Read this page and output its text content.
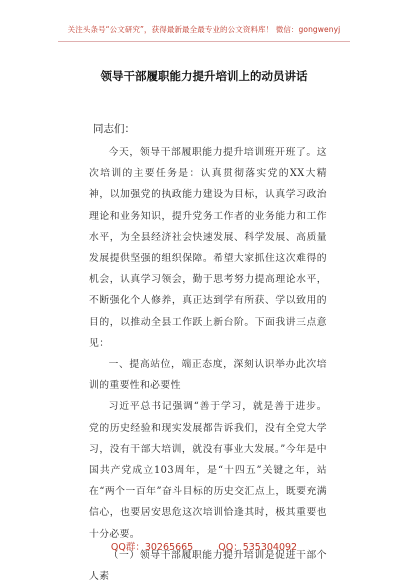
关注头条号“公文研究”，获得最新最全最专业的公文资料库！ 微信：gongwenyj
领导干部履职能力提升培训上的动员讲话
同志们：

今天，领导干部履职能力提升培训班开班了。这次培训的主要任务是：认真贯彻落实党的XX大精神，以加强党的执政能力建设为目标，认真学习政治理论和业务知识，提升党务工作者的业务能力和工作水平，为全县经济社会快速发展、科学发展、高质量发展提供坚强的组织保障。希望大家抓住这次难得的机会，认真学习领会，勤于思考努力提高理论水平，不断强化个人修养，真正达到学有所获、学以致用的目的，以推动全县工作跃上新台阶。下面我讲三点意见：

一、提高站位，端正态度，深刻认识举办此次培训的重要性和必要性

习近平总书记强调“善于学习，就是善于进步。党的历史经验和现实发展都告诉我们，没有全党大学习，没有干部大培训，就没有事业大发展。”今年是中国共产党成立103周年，是“十四五”关键之年，站在“两个一百年”奋斗目标的历史交汇点上，既要充满信心，也要居安思危这次培训恰逢其时，极其重要也十分必要。

（一）领导干部履职能力提升培训是促进干部个人素

QQ群：30265665	QQ：535304092
